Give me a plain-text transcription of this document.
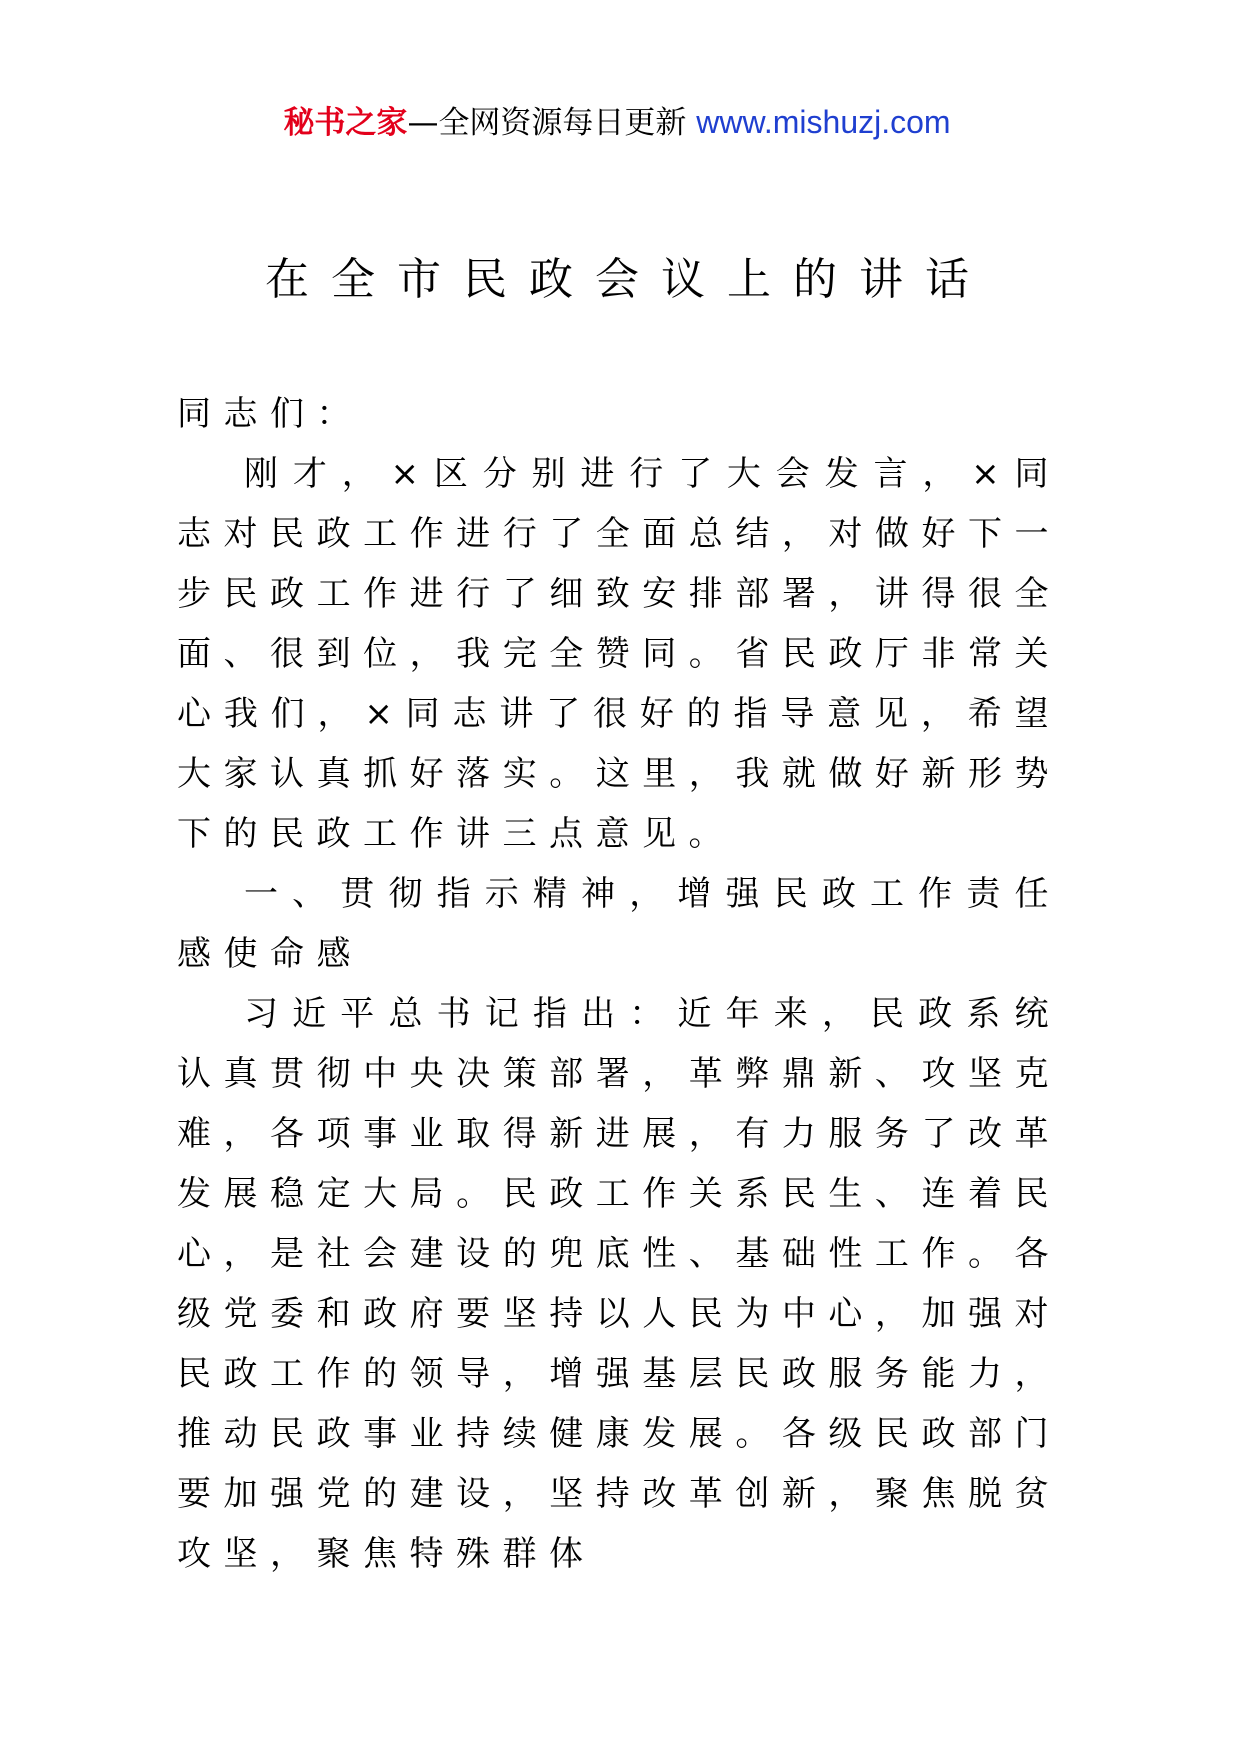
秘书之家—全网资源每日更新 www.mishuzj.com
在全市民政会议上的讲话

同志们：

刚才，×区分别进行了大会发言，×同志对民政工作进行了全面总结，对做好下一步民政工作进行了细致安排部署，讲得很全面、很到位，我完全赞同。省民政厅非常关心我们，×同志讲了很好的指导意见，希望大家认真抓好落实。这里，我就做好新形势下的民政工作讲三点意见。

一、贯彻指示精神，增强民政工作责任感使命感

习近平总书记指出：近年来，民政系统认真贯彻中央决策部署，革弊鼎新、攻坚克难，各项事业取得新进展，有力服务了改革发展稳定大局。民政工作关系民生、连着民心，是社会建设的兜底性、基础性工作。各级党委和政府要坚持以人民为中心，加强对民政工作的领导，增强基层民政服务能力，推动民政事业持续健康发展。各级民政部门要加强党的建设，坚持改革创新，聚焦脱贫攻坚，聚焦特殊群体
